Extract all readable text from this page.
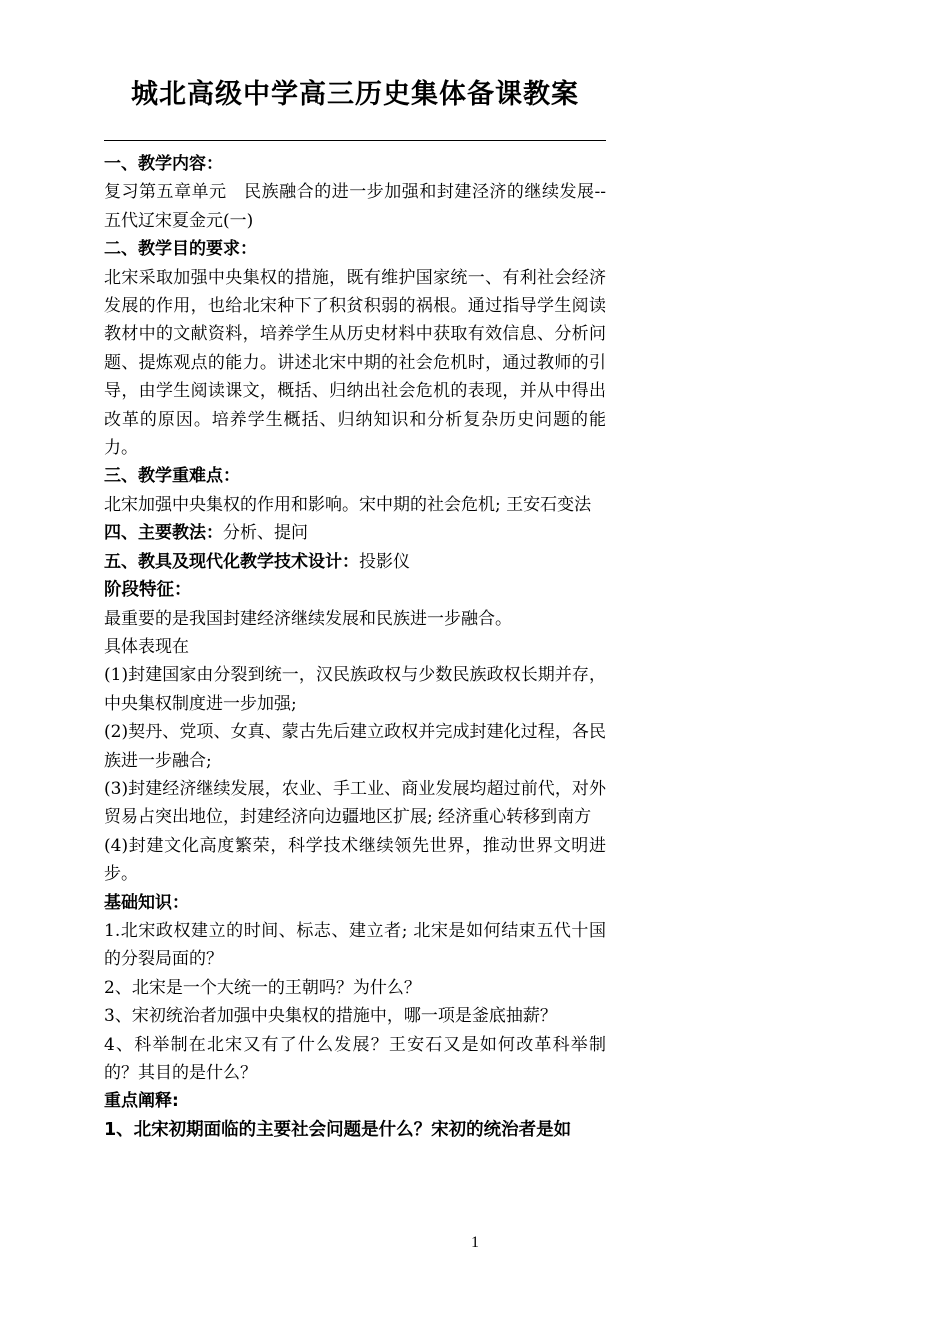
城北高级中学高三历史集体备课教案

一、教学内容：

复习第五章单元　民族融合的进一步加强和封建泾济的继续发展-- 五代辽宋夏金元(一)

二、教学目的要求：

北宋采取加强中央集权的措施，既有维护国家统一、有利社会经济发展的作用，也给北宋种下了积贫积弱的祸根。通过指导学生阅读教材中的文献资料，培养学生从历史材料中获取有效信息、分析问题、提炼观点的能力。讲述北宋中期的社会危机时，通过教师的引导，由学生阅读课文，概括、归纳出社会危机的表现，并从中得出改革的原因。培养学生概括、归纳知识和分析复杂历史问题的能力。

三、教学重难点：

北宋加强中央集权的作用和影响。宋中期的社会危机; 王安石变法

四、主要教法：分析、提问

五、教具及现代化教学技术设计：投影仪

阶段特征：

最重要的是我国封建经济继续发展和民族进一步融合。

具体表现在

(1)封建国家由分裂到统一，汉民族政权与少数民族政权长期并存，中央集权制度进一步加强;

(2)契丹、党项、女真、蒙古先后建立政权并完成封建化过程，各民族进一步融合;

(3)封建经济继续发展，农业、手工业、商业发展均超过前代，对外贸易占突出地位，封建经济向边疆地区扩展; 经济重心转移到南方

(4)封建文化高度繁荣，科学技术继续领先世界，推动世界文明进步。

基础知识：

1.北宋政权建立的时间、标志、建立者; 北宋是如何结束五代十国的分裂局面的？

2、北宋是一个大统一的王朝吗？为什么？

3、宋初统治者加强中央集权的措施中，哪一项是釜底抽薪？

4、科举制在北宋又有了什么发展？王安石又是如何改革科举制的？其目的是什么？

重点阐释:

1、北宋初期面临的主要社会问题是什么？宋初的统治者是如

1
